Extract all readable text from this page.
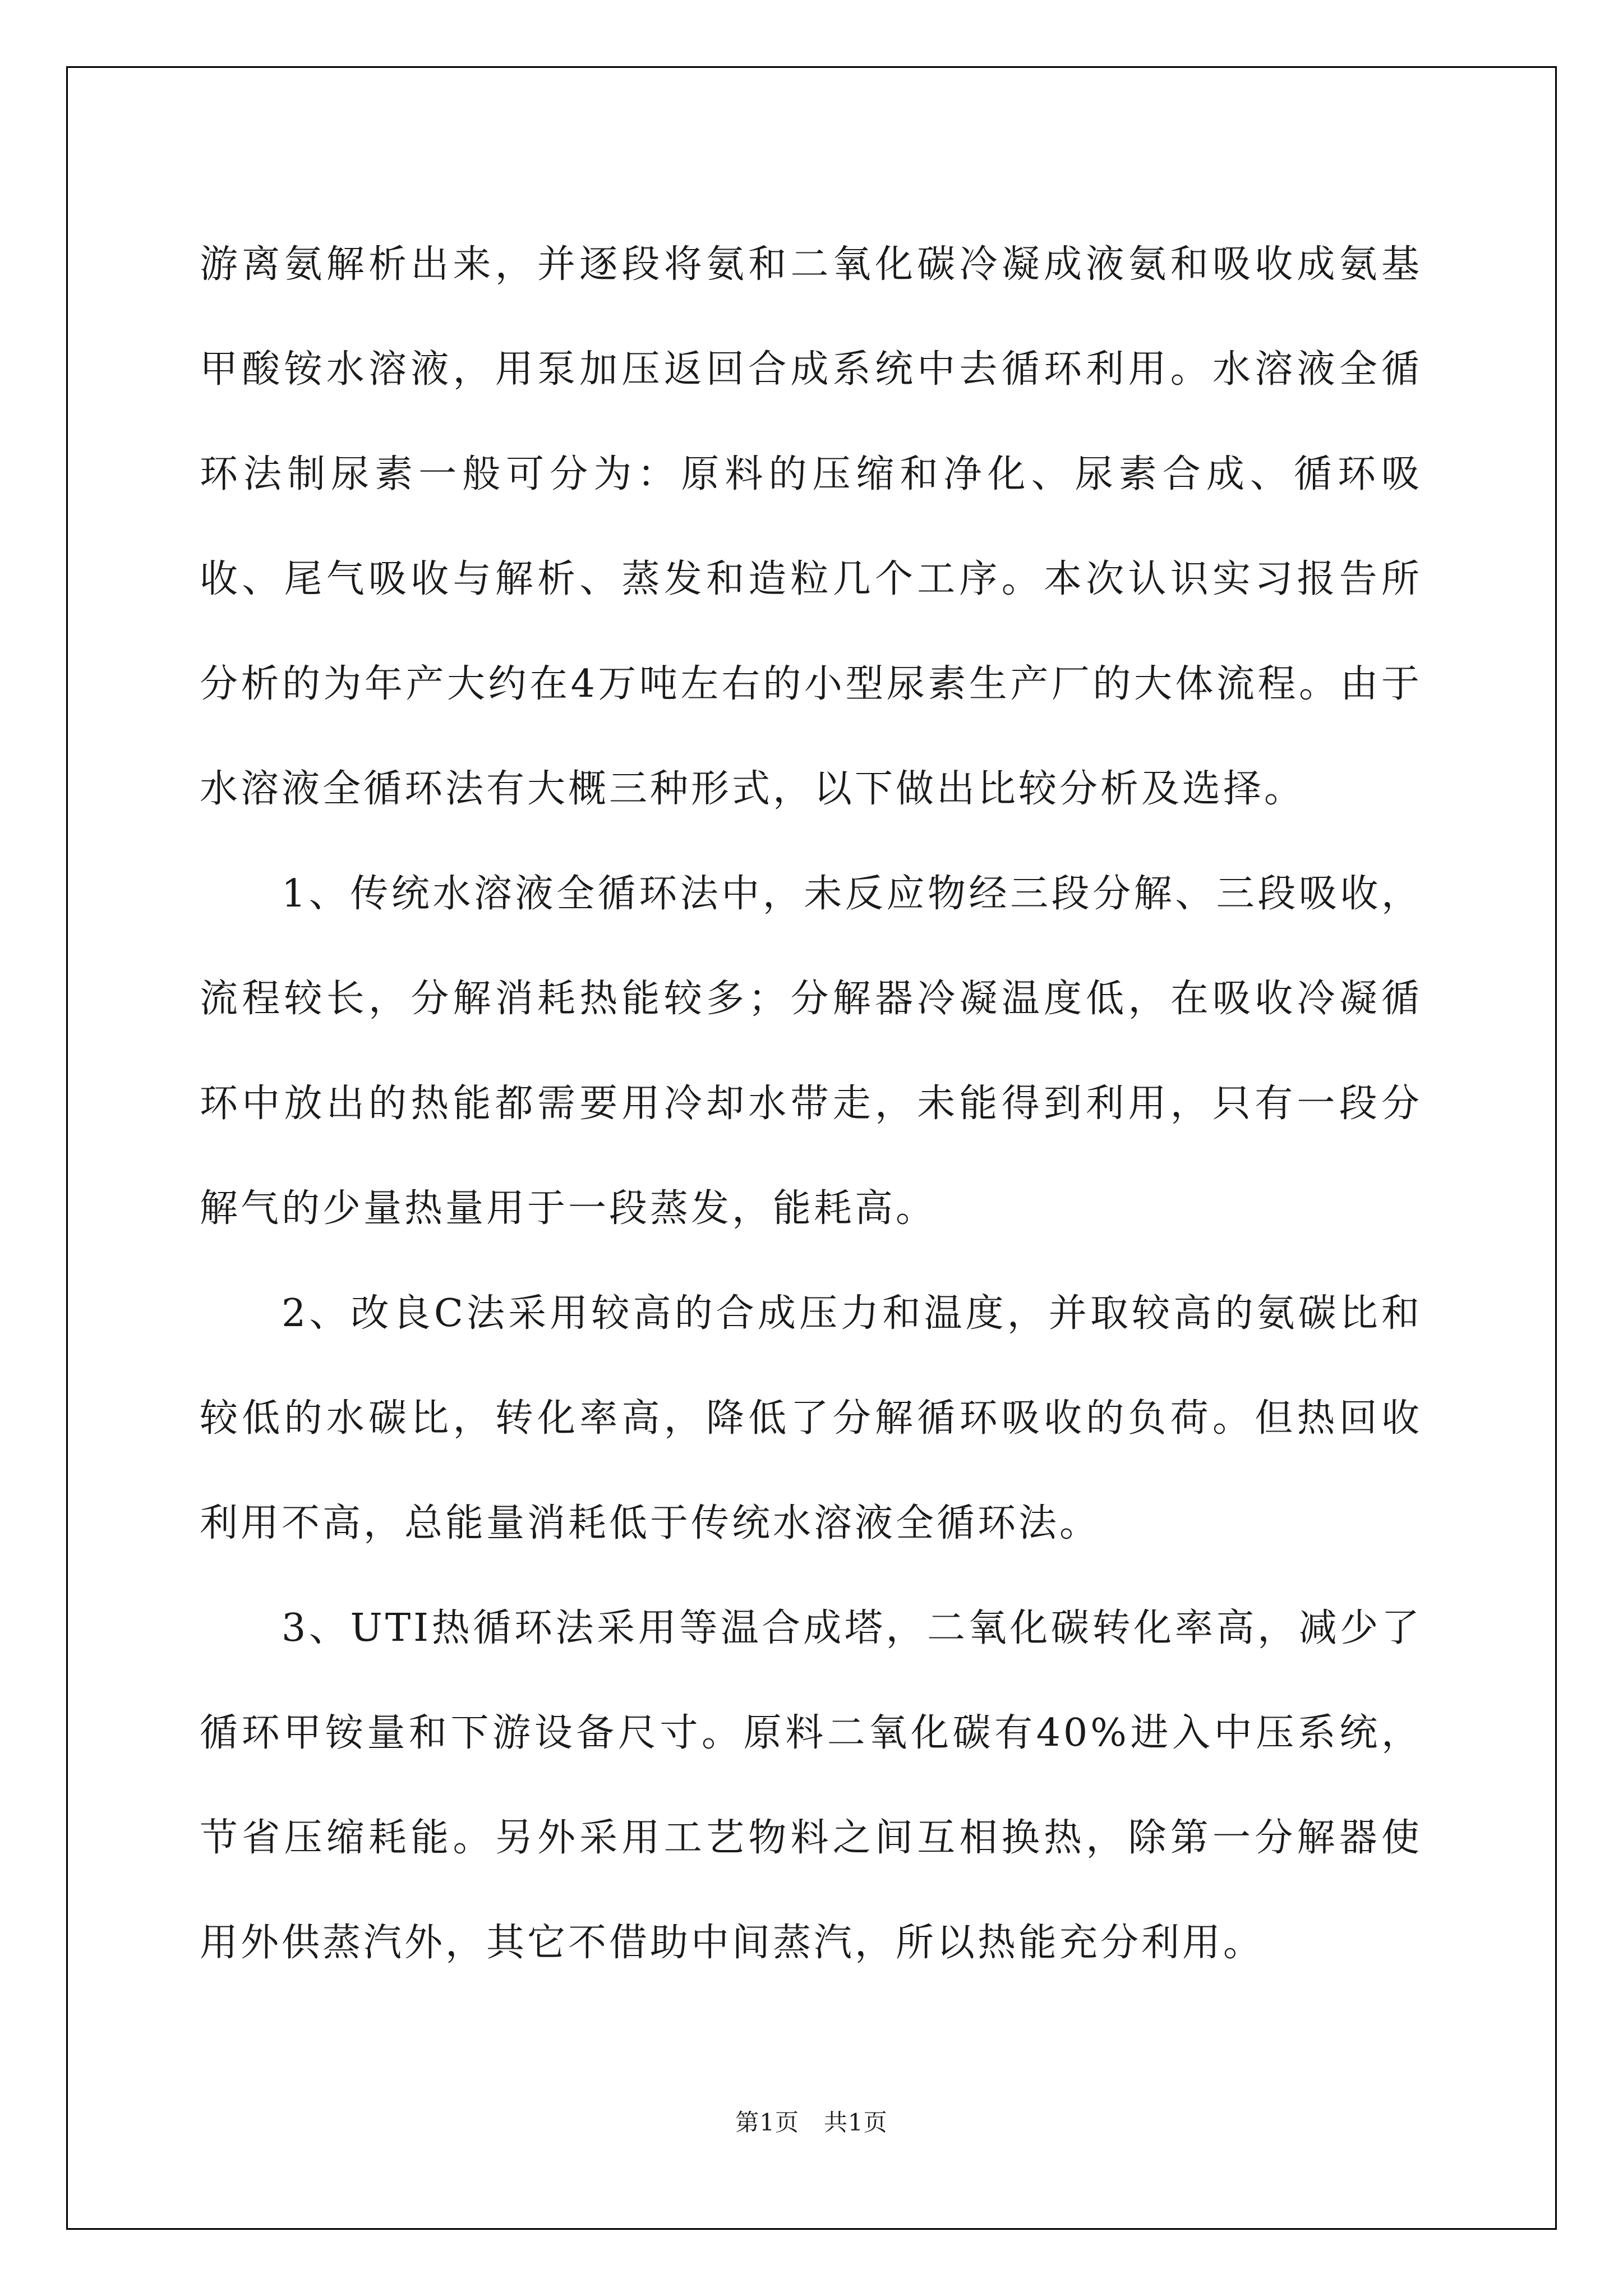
游离氨解析出来，并逐段将氨和二氧化碳冷凝成液氨和吸收成氨基甲酸铵水溶液，用泵加压返回合成系统中去循环利用。水溶液全循环法制尿素一般可分为：原料的压缩和净化、尿素合成、循环吸收、尾气吸收与解析、蒸发和造粒几个工序。本次认识实习报告所分析的为年产大约在4万吨左右的小型尿素生产厂的大体流程。由于水溶液全循环法有大概三种形式，以下做出比较分析及选择。

1、传统水溶液全循环法中，未反应物经三段分解、三段吸收，流程较长，分解消耗热能较多；分解器冷凝温度低，在吸收冷凝循环中放出的热能都需要用冷却水带走，未能得到利用，只有一段分解气的少量热量用于一段蒸发，能耗高。

2、改良C法采用较高的合成压力和温度，并取较高的氨碳比和较低的水碳比，转化率高，降低了分解循环吸收的负荷。但热回收利用不高，总能量消耗低于传统水溶液全循环法。

3、UTI热循环法采用等温合成塔，二氧化碳转化率高，减少了循环甲铵量和下游设备尺寸。原料二氧化碳有40%进入中压系统，节省压缩耗能。另外采用工艺物料之间互相换热，除第一分解器使用外供蒸汽外，其它不借助中间蒸汽，所以热能充分利用。

第1页 共1页
